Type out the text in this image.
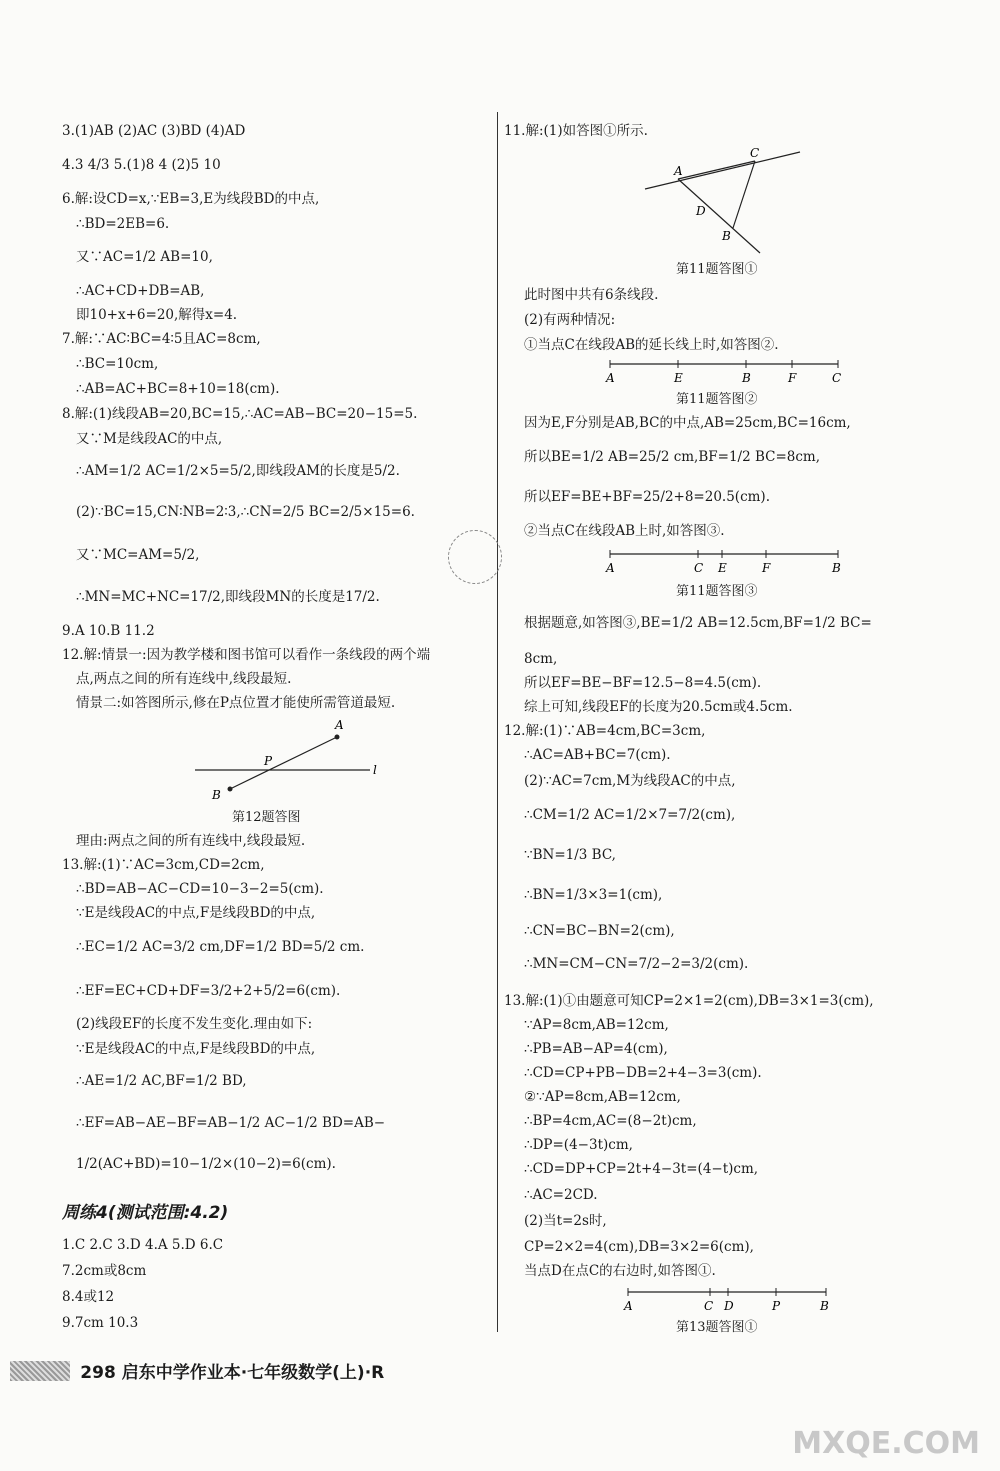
3.(1)AB (2)AC (3)BD (4)AD
4.3 4/3 5.(1)8 4 (2)5 10
6.解:设CD=x,∵EB=3,E为线段BD的中点,
∴BD=2EB=6.
又∵AC=1/2 AB=10,
∴AC+CD+DB=AB,
即10+x+6=20,解得x=4.
7.解:∵AC∶BC=4∶5且AC=8cm,
∴BC=10cm,
∴AB=AC+BC=8+10=18(cm).
8.解:(1)线段AB=20,BC=15,∴AC=AB−BC=20−15=5.
又∵M是线段AC的中点,
∴AM=1/2 AC=1/2×5=5/2,即线段AM的长度是5/2.
(2)∵BC=15,CN∶NB=2∶3,∴CN=2/5 BC=2/5×15=6.
又∵MC=AM=5/2,
∴MN=MC+NC=17/2,即线段MN的长度是17/2.
9.A 10.B 11.2
12.解:情景一:因为教学楼和图书馆可以看作一条线段的两个端
点,两点之间的所有连线中,线段最短.
情景二:如答图所示,修在P点位置才能使所需管道最短.
A
B
P
l
第12题答图
理由:两点之间的所有连线中,线段最短.
13.解:(1)∵AC=3cm,CD=2cm,
∴BD=AB−AC−CD=10−3−2=5(cm).
∵E是线段AC的中点,F是线段BD的中点,
∴EC=1/2 AC=3/2 cm,DF=1/2 BD=5/2 cm.
∴EF=EC+CD+DF=3/2+2+5/2=6(cm).
(2)线段EF的长度不发生变化.理由如下:
∵E是线段AC的中点,F是线段BD的中点,
∴AE=1/2 AC,BF=1/2 BD,
∴EF=AB−AE−BF=AB−1/2 AC−1/2 BD=AB−
1/2(AC+BD)=10−1/2×(10−2)=6(cm).
周练4(测试范围:4.2)
1.C 2.C 3.D 4.A 5.D 6.C
7.2cm或8cm
8.4或12
9.7cm 10.3
11.解:(1)如答图①所示.
A
C
D
B
第11题答图①
此时图中共有6条线段.
(2)有两种情况:
①当点C在线段AB的延长线上时,如答图②.
A	E	B	F	C
第11题答图②
因为E,F分别是AB,BC的中点,AB=25cm,BC=16cm,
所以BE=1/2 AB=25/2 cm,BF=1/2 BC=8cm,
所以EF=BE+BF=25/2+8=20.5(cm).
②当点C在线段AB上时,如答图③.
A	C E	F	B
第11题答图③
根据题意,如答图③,BE=1/2 AB=12.5cm,BF=1/2 BC=
8cm,
所以EF=BE−BF=12.5−8=4.5(cm).
综上可知,线段EF的长度为20.5cm或4.5cm.
12.解:(1)∵AB=4cm,BC=3cm,
∴AC=AB+BC=7(cm).
(2)∵AC=7cm,M为线段AC的中点,
∴CM=1/2 AC=1/2×7=7/2(cm),
∵BN=1/3 BC,
∴BN=1/3×3=1(cm),
∴CN=BC−BN=2(cm),
∴MN=CM−CN=7/2−2=3/2(cm).
13.解:(1)①由题意可知CP=2×1=2(cm),DB=3×1=3(cm),
∵AP=8cm,AB=12cm,
∴PB=AB−AP=4(cm),
∴CD=CP+PB−DB=2+4−3=3(cm).
②∵AP=8cm,AB=12cm,
∴BP=4cm,AC=(8−2t)cm,
∴DP=(4−3t)cm,
∴CD=DP+CP=2t+4−3t=(4−t)cm,
∴AC=2CD.
(2)当t=2s时,
CP=2×2=4(cm),DB=3×2=6(cm),
当点D在点C的右边时,如答图①.
A	C D	P	B
第13题答图①
298 启东中学作业本·七年级数学(上)·R
MXQE.COM
